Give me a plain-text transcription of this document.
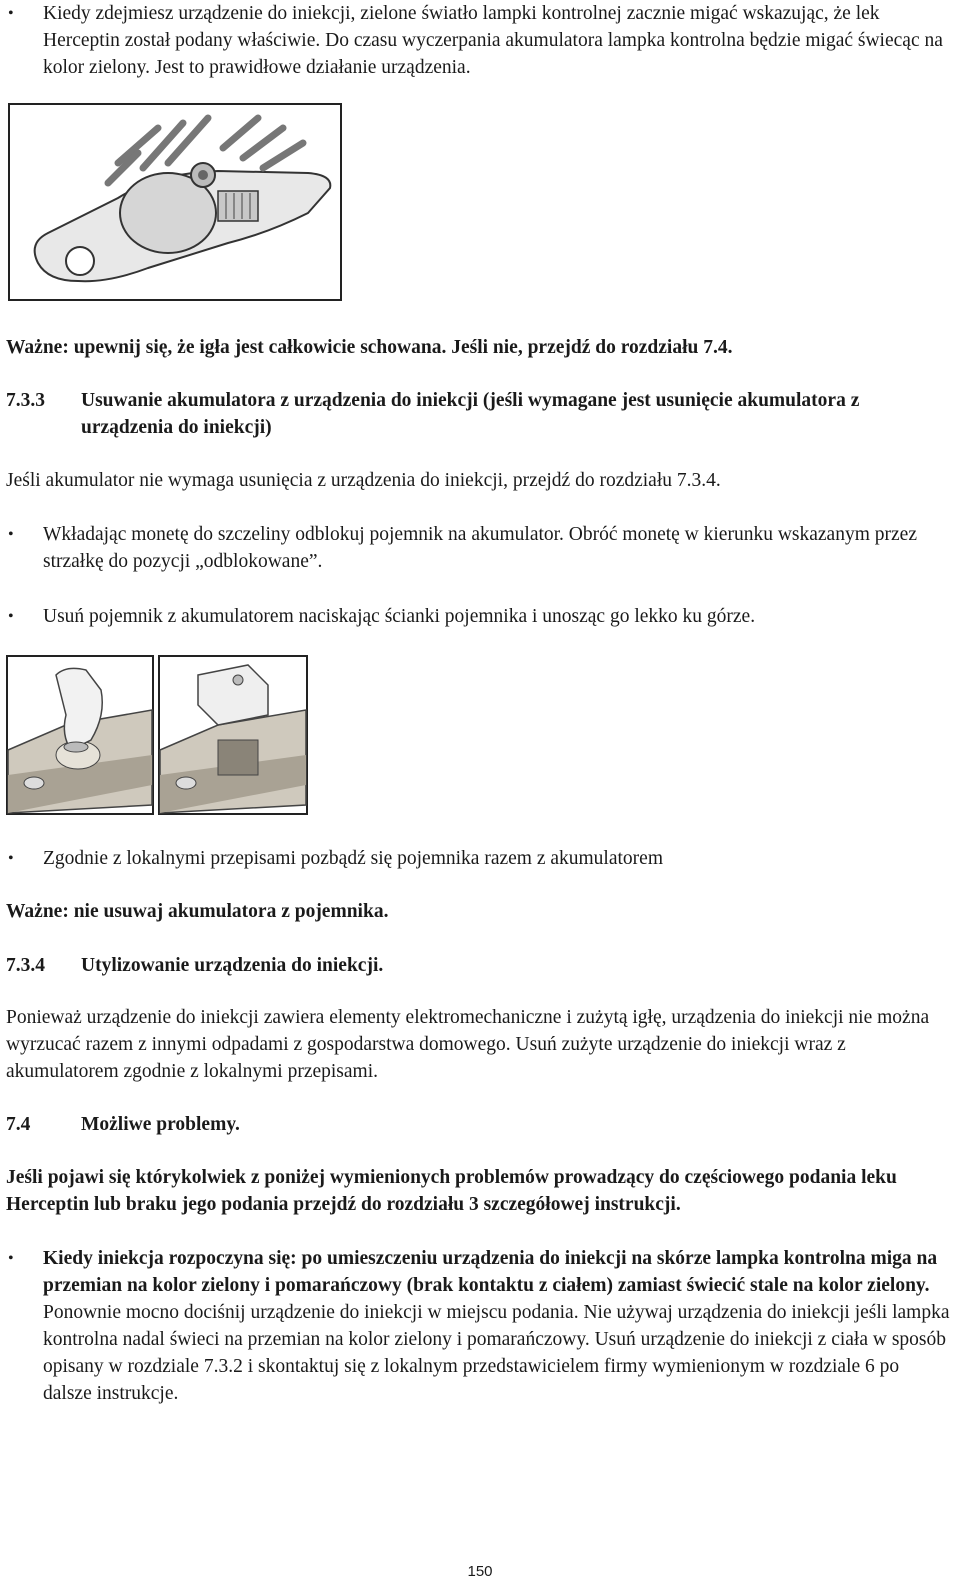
• Kiedy zdejmiesz urządzenie do iniekcji, zielone światło lampki kontrolnej zacznie migać wskazując, że lek Herceptin został podany właściwie. Do czasu wyczerpania akumulatora lampka kontrolna będzie migać świecąc na kolor zielony. Jest to prawidłowe działanie urządzenia.
Ważne: upewnij się, że igła jest całkowicie schowana. Jeśli nie, przejdź do rozdziału 7.4.
7.3.3 Usuwanie akumulatora z urządzenia do iniekcji (jeśli wymagane jest usunięcie akumulatora z urządzenia do iniekcji)
Jeśli akumulator nie wymaga usunięcia z urządzenia do iniekcji, przejdź do rozdziału 7.3.4.
• Wkładając monetę do szczeliny odblokuj pojemnik na akumulator. Obróć monetę w kierunku wskazanym przez strzałkę do pozycji „odblokowane”.
• Usuń pojemnik z akumulatorem naciskając ścianki pojemnika i unosząc go lekko ku górze.
• Zgodnie z lokalnymi przepisami pozbądź się pojemnika razem z akumulatorem
Ważne: nie usuwaj akumulatora z pojemnika.
7.3.4 Utylizowanie urządzenia do iniekcji.
Ponieważ urządzenie do iniekcji zawiera elementy elektromechaniczne i zużytą igłę, urządzenia do iniekcji nie można wyrzucać razem z innymi odpadami z gospodarstwa domowego. Usuń zużyte urządzenie do iniekcji wraz z akumulatorem zgodnie z lokalnymi przepisami.
7.4	Możliwe problemy.
Jeśli pojawi się którykolwiek z poniżej wymienionych problemów prowadzący do częściowego podania leku Herceptin lub braku jego podania przejdź do rozdziału 3 szczegółowej instrukcji.
• Kiedy iniekcja rozpoczyna się: po umieszczeniu urządzenia do iniekcji na skórze lampka kontrolna miga na przemian na kolor zielony i pomarańczowy (brak kontaktu z ciałem) zamiast świecić stale na kolor zielony.
Ponownie mocno dociśnij urządzenie do iniekcji w miejscu podania. Nie używaj urządzenia do iniekcji jeśli lampka kontrolna nadal świeci na przemian na kolor zielony i pomarańczowy. Usuń urządzenie do iniekcji z ciała w sposób opisany w rozdziale 7.3.2 i skontaktuj się z lokalnym przedstawicielem firmy wymienionym w rozdziale 6 po dalsze instrukcje.
150
